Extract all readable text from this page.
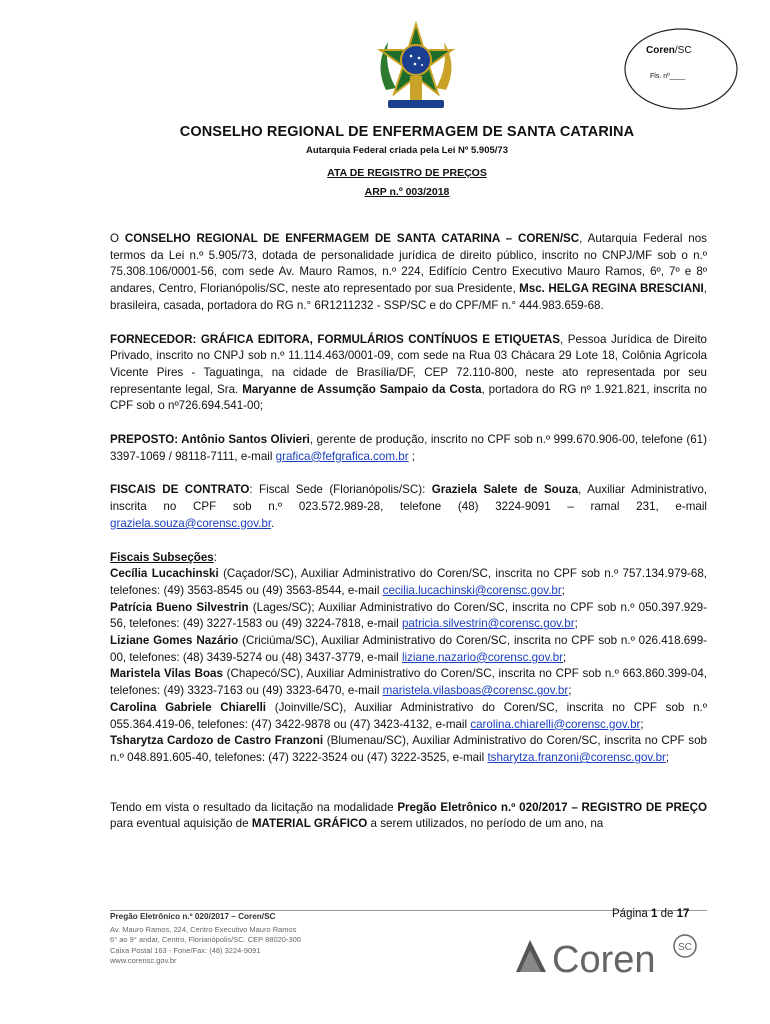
Coren/SC
Fls. nº____
CONSELHO REGIONAL DE ENFERMAGEM DE SANTA CATARINA
Autarquia Federal criada pela Lei Nº 5.905/73
ATA DE REGISTRO DE PREÇOS
ARP n.º 003/2018

O CONSELHO REGIONAL DE ENFERMAGEM DE SANTA CATARINA – COREN/SC, Autarquia Federal nos termos da Lei n.º 5.905/73, dotada de personalidade jurídica de direito público, inscrito no CNPJ/MF sob o n.º 75.308.106/0001-56, com sede Av. Mauro Ramos, n.º 224, Edifício Centro Executivo Mauro Ramos, 6º, 7º e 8º andares, Centro, Florianópolis/SC, neste ato representado por sua Presidente, Msc. HELGA REGINA BRESCIANI, brasileira, casada, portadora do RG n.° 6R1211232 - SSP/SC e do CPF/MF n.° 444.983.659-68.

FORNECEDOR: GRÁFICA EDITORA, FORMULÁRIOS CONTÍNUOS E ETIQUETAS, Pessoa Jurídica de Direito Privado, inscrito no CNPJ sob n.º 11.114.463/0001-09, com sede na Rua 03 Chácara 29 Lote 18, Colônia Agrícola Vicente Pires - Taguatinga, na cidade de Brasília/DF, CEP 72.110-800, neste ato representada por seu representante legal, Sra. Maryanne de Assumção Sampaio da Costa, portadora do RG nº 1.921.821, inscrita no CPF sob o nº726.694.541-00;

PREPOSTO: Antônio Santos Olivieri, gerente de produção, inscrito no CPF sob n.º 999.670.906-00, telefone (61) 3397-1069 / 98118-7111, e-mail grafica@fefgrafica.com.br ;

FISCAIS DE CONTRATO: Fiscal Sede (Florianópolis/SC): Graziela Salete de Souza, Auxiliar Administrativo, inscrita no CPF sob n.º 023.572.989-28, telefone (48) 3224-9091 – ramal 231, e-mail graziela.souza@corensc.gov.br.

Fiscais Subseções:

Cecília Lucachinski (Caçador/SC), Auxiliar Administrativo do Coren/SC, inscrita no CPF sob n.º 757.134.979-68, telefones: (49) 3563-8545 ou (49) 3563-8544, e-mail cecilia.lucachinski@corensc.gov.br;

Patrícia Bueno Silvestrin (Lages/SC); Auxiliar Administrativo do Coren/SC, inscrita no CPF sob n.º 050.397.929-56, telefones: (49) 3227-1583 ou (49) 3224-7818, e-mail patricia.silvestrin@corensc.gov.br;

Liziane Gomes Nazário (Criciúma/SC), Auxiliar Administrativo do Coren/SC, inscrita no CPF sob n.º 026.418.699-00, telefones: (48) 3439-5274 ou (48) 3437-3779, e-mail liziane.nazario@corensc.gov.br;

Maristela Vilas Boas (Chapecó/SC), Auxiliar Administrativo do Coren/SC, inscrita no CPF sob n.º 663.860.399-04, telefones: (49) 3323-7163 ou (49) 3323-6470, e-mail maristela.vilasboas@corensc.gov.br;

Carolina Gabriele Chiarelli (Joinville/SC), Auxiliar Administrativo do Coren/SC, inscrita no CPF sob n.º 055.364.419-06, telefones: (47) 3422-9878 ou (47) 3423-4132, e-mail carolina.chiarelli@corensc.gov.br;

Tsharytza Cardozo de Castro Franzoni (Blumenau/SC), Auxiliar Administrativo do Coren/SC, inscrita no CPF sob n.º 048.891.605-40, telefones: (47) 3222-3524 ou (47) 3222-3525, e-mail tsharytza.franzoni@corensc.gov.br;

Tendo em vista o resultado da licitação na modalidade Pregão Eletrônico n.º 020/2017 – REGISTRO DE PREÇO para eventual aquisição de MATERIAL GRÁFICO a serem utilizados, no período de um ano, na

Pregão Eletrônico n.º 020/2017 – Coren/SC	Página 1 de 17
Av. Mauro Ramos, 224, Centro Executivo Mauro Ramos
6° ao 9° andar, Centro, Florianópolis/SC. CEP 88020-300
Caixa Postal 163 - Fone/Fax: (48) 3224-9091
www.corensc.gov.br	Coren SC
